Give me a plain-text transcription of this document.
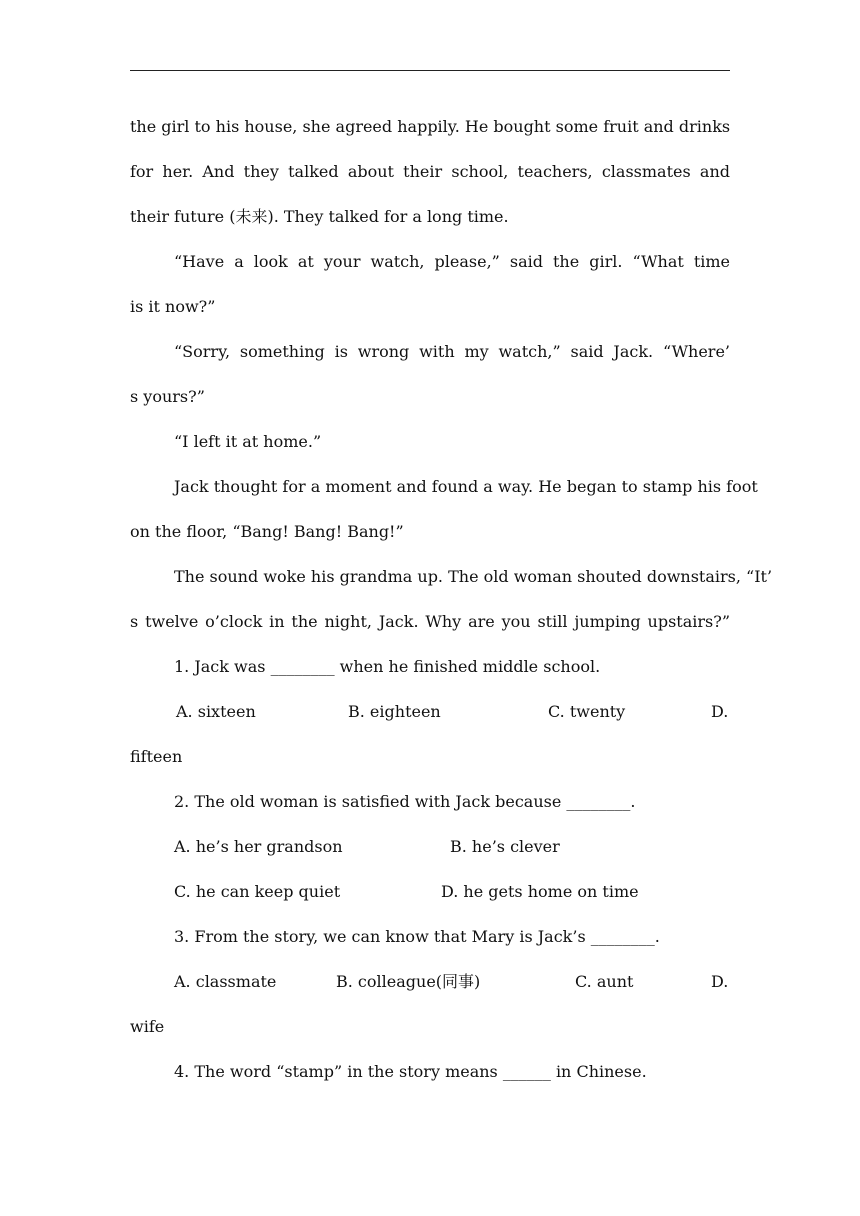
the girl to his house, she agreed happily. He bought some fruit and drinks
for her. And they talked about their school, teachers, classmates and
their future (未来). They talked for a long time.
“Have a look at your watch, please,” said the girl. “What time
is it now?”
“Sorry, something is wrong with my watch,” said Jack. “Where’
s yours?”
“I left it at home.”
Jack thought for a moment and found a way. He began to stamp his foot
on the floor, “Bang! Bang! Bang!”
The sound woke his grandma up. The old woman shouted downstairs, “It’
s twelve o’clock in the night, Jack. Why are you still jumping upstairs?”
1. Jack was ________ when he finished middle school.
A. sixteen	B. eighteen	C. twenty	D.
fifteen
2. The old woman is satisfied with Jack because ________.
A. he’s her grandson	B. he’s clever
C. he can keep quiet	D. he gets home on time
3. From the story, we can know that Mary is Jack’s ________.
A. classmate	B. colleague(同事)	C. aunt	D.
wife
4. The word “stamp” in the story means ______ in Chinese.
